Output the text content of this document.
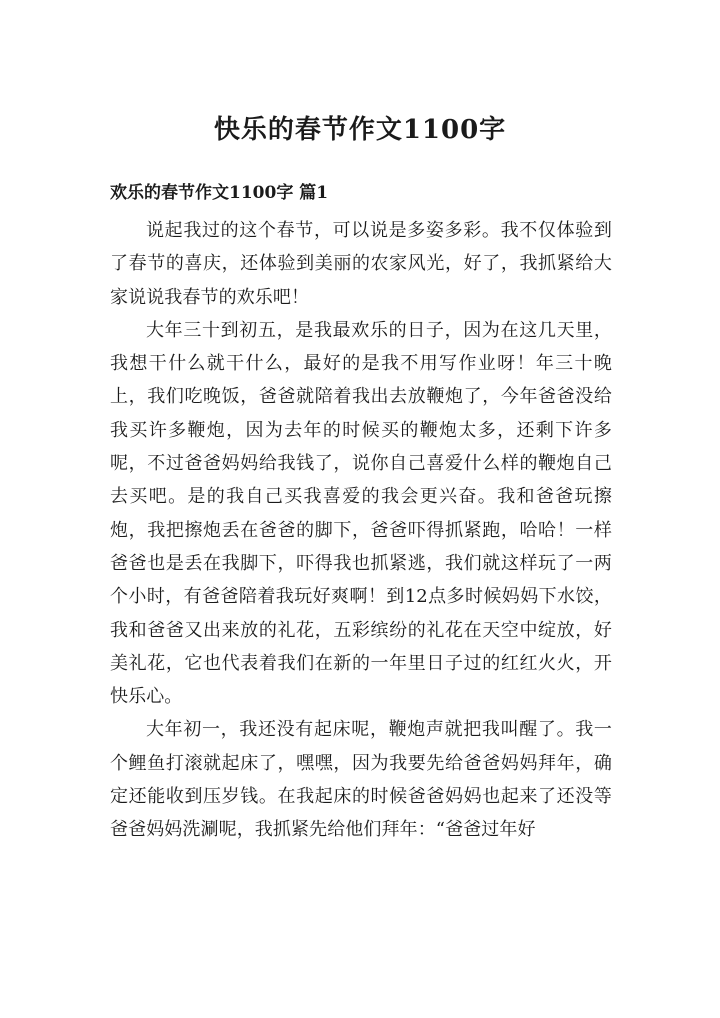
快乐的春节作文1100字
欢乐的春节作文1100字 篇1

说起我过的这个春节，可以说是多姿多彩。我不仅体验到了春节的喜庆，还体验到美丽的农家风光，好了，我抓紧给大家说说我春节的欢乐吧！

大年三十到初五，是我最欢乐的日子，因为在这几天里，我想干什么就干什么，最好的是我不用写作业呀！年三十晚上，我们吃晚饭，爸爸就陪着我出去放鞭炮了，今年爸爸没给我买许多鞭炮，因为去年的时候买的鞭炮太多，还剩下许多呢，不过爸爸妈妈给我钱了，说你自己喜爱什么样的鞭炮自己去买吧。是的我自己买我喜爱的我会更兴奋。我和爸爸玩擦炮，我把擦炮丢在爸爸的脚下，爸爸吓得抓紧跑，哈哈！一样爸爸也是丢在我脚下，吓得我也抓紧逃，我们就这样玩了一两个小时，有爸爸陪着我玩好爽啊！到12点多时候妈妈下水饺，我和爸爸又出来放的礼花，五彩缤纷的礼花在天空中绽放，好美礼花，它也代表着我们在新的一年里日子过的红红火火，开快乐心。

大年初一，我还没有起床呢，鞭炮声就把我叫醒了。我一个鲤鱼打滚就起床了，嘿嘿，因为我要先给爸爸妈妈拜年，确定还能收到压岁钱。在我起床的时候爸爸妈妈也起来了还没等爸爸妈妈洗涮呢，我抓紧先给他们拜年：“爸爸过年好
